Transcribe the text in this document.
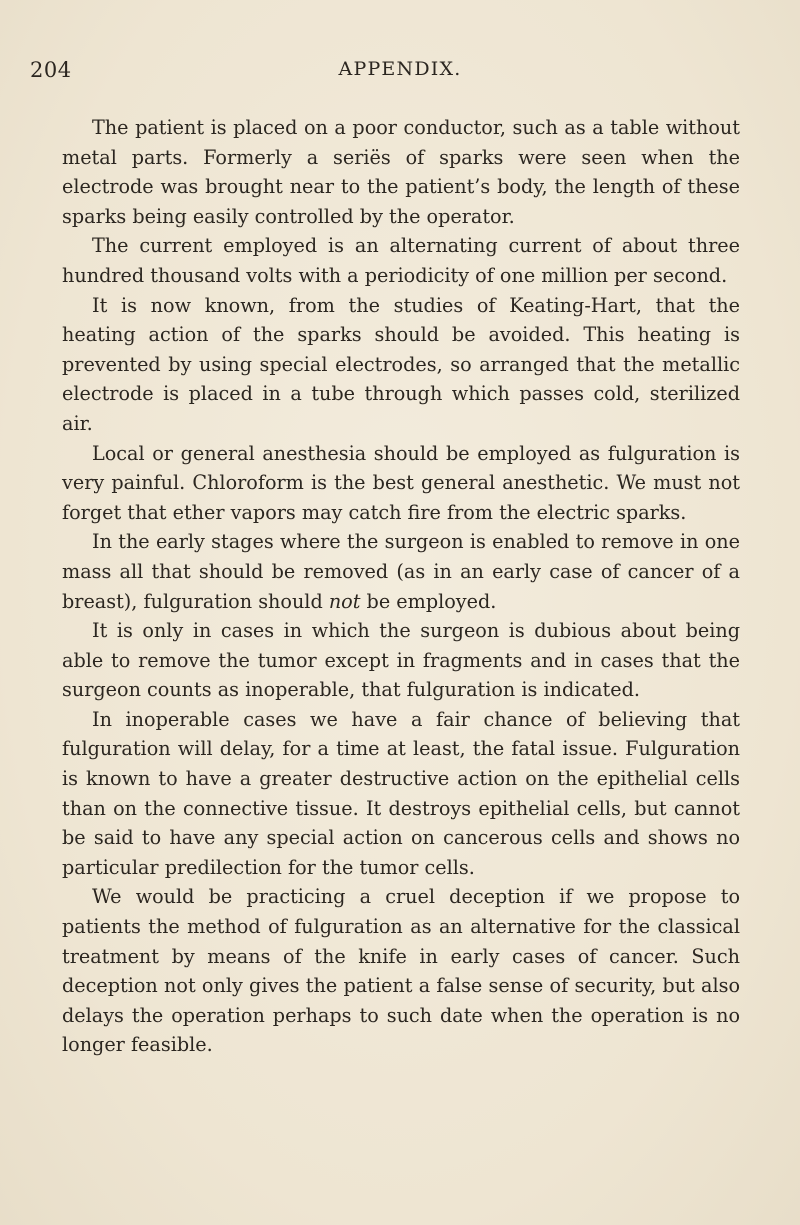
204	APPENDIX.

The patient is placed on a poor conductor, such as a table without metal parts. Formerly a seriës of sparks were seen when the electrode was brought near to the patient’s body, the length of these sparks being easily controlled by the operator.

The current employed is an alternating current of about three hundred thousand volts with a periodicity of one million per second.

It is now known, from the studies of Keating-Hart, that the heating action of the sparks should be avoided. This heating is prevented by using special electrodes, so arranged that the metallic electrode is placed in a tube through which passes cold, sterilized air.

Local or general anesthesia should be employed as fulguration is very painful. Chloroform is the best general anesthetic. We must not forget that ether vapors may catch fire from the electric sparks.

In the early stages where the surgeon is enabled to remove in one mass all that should be removed (as in an early case of cancer of a breast), fulguration should not be employed.

It is only in cases in which the surgeon is dubious about being able to remove the tumor except in fragments and in cases that the surgeon counts as inoperable, that fulguration is indicated.

In inoperable cases we have a fair chance of believing that fulguration will delay, for a time at least, the fatal issue. Fulguration is known to have a greater destructive action on the epithelial cells than on the connective tissue. It destroys epithelial cells, but cannot be said to have any special action on cancerous cells and shows no particular predilection for the tumor cells.

We would be practicing a cruel deception if we propose to patients the method of fulguration as an alternative for the classical treatment by means of the knife in early cases of cancer. Such deception not only gives the patient a false sense of security, but also delays the operation perhaps to such date when the operation is no longer feasible.
